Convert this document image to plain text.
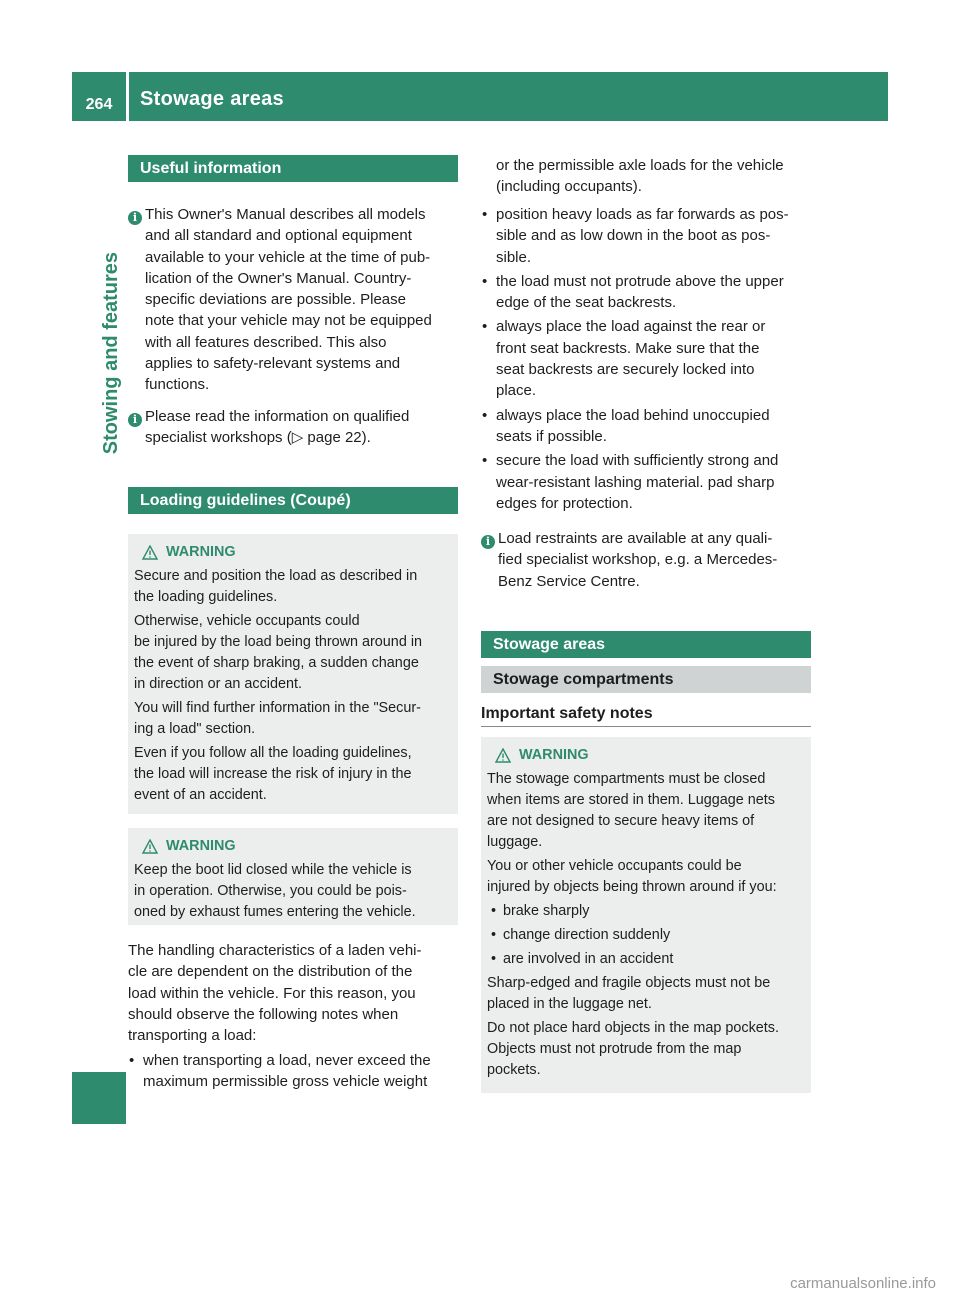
264	Stowage areas
Stowing and features
Useful information
i This Owner's Manual describes all models
and all standard and optional equipment
available to your vehicle at the time of pub-
lication of the Owner's Manual. Country-
specific deviations are possible. Please
note that your vehicle may not be equipped
with all features described. This also
applies to safety-relevant systems and
functions.
i Please read the information on qualified
specialist workshops (▷ page 22).
Loading guidelines (Coupé)
WARNING

Secure and position the load as described in
the loading guidelines.

Otherwise, vehicle occupants could
be injured by the load being thrown around in
the event of sharp braking, a sudden change
in direction or an accident.

You will find further information in the "Secur-
ing a load" section.

Even if you follow all the loading guidelines,
the load will increase the risk of injury in the
event of an accident.

WARNING

Keep the boot lid closed while the vehicle is
in operation. Otherwise, you could be pois-
oned by exhaust fumes entering the vehicle.

The handling characteristics of a laden vehi-
cle are dependent on the distribution of the
load within the vehicle. For this reason, you
should observe the following notes when
transporting a load:
• when transporting a load, never exceed the
maximum permissible gross vehicle weight
or the permissible axle loads for the vehicle
(including occupants).
• position heavy loads as far forwards as pos-
sible and as low down in the boot as pos-
sible.
• the load must not protrude above the upper
edge of the seat backrests.
• always place the load against the rear or
front seat backrests. Make sure that the
seat backrests are securely locked into
place.
• always place the load behind unoccupied
seats if possible.
• secure the load with sufficiently strong and
wear-resistant lashing material. pad sharp
edges for protection.
i Load restraints are available at any quali-
fied specialist workshop, e.g. a Mercedes-
Benz Service Centre.
Stowage areas
Stowage compartments
Important safety notes
WARNING

The stowage compartments must be closed
when items are stored in them. Luggage nets
are not designed to secure heavy items of
luggage.

You or other vehicle occupants could be
injured by objects being thrown around if you:

• brake sharply
• change direction suddenly
• are involved in an accident

Sharp-edged and fragile objects must not be
placed in the luggage net.

Do not place hard objects in the map pockets.
Objects must not protrude from the map
pockets.

carmanualsonline.info
